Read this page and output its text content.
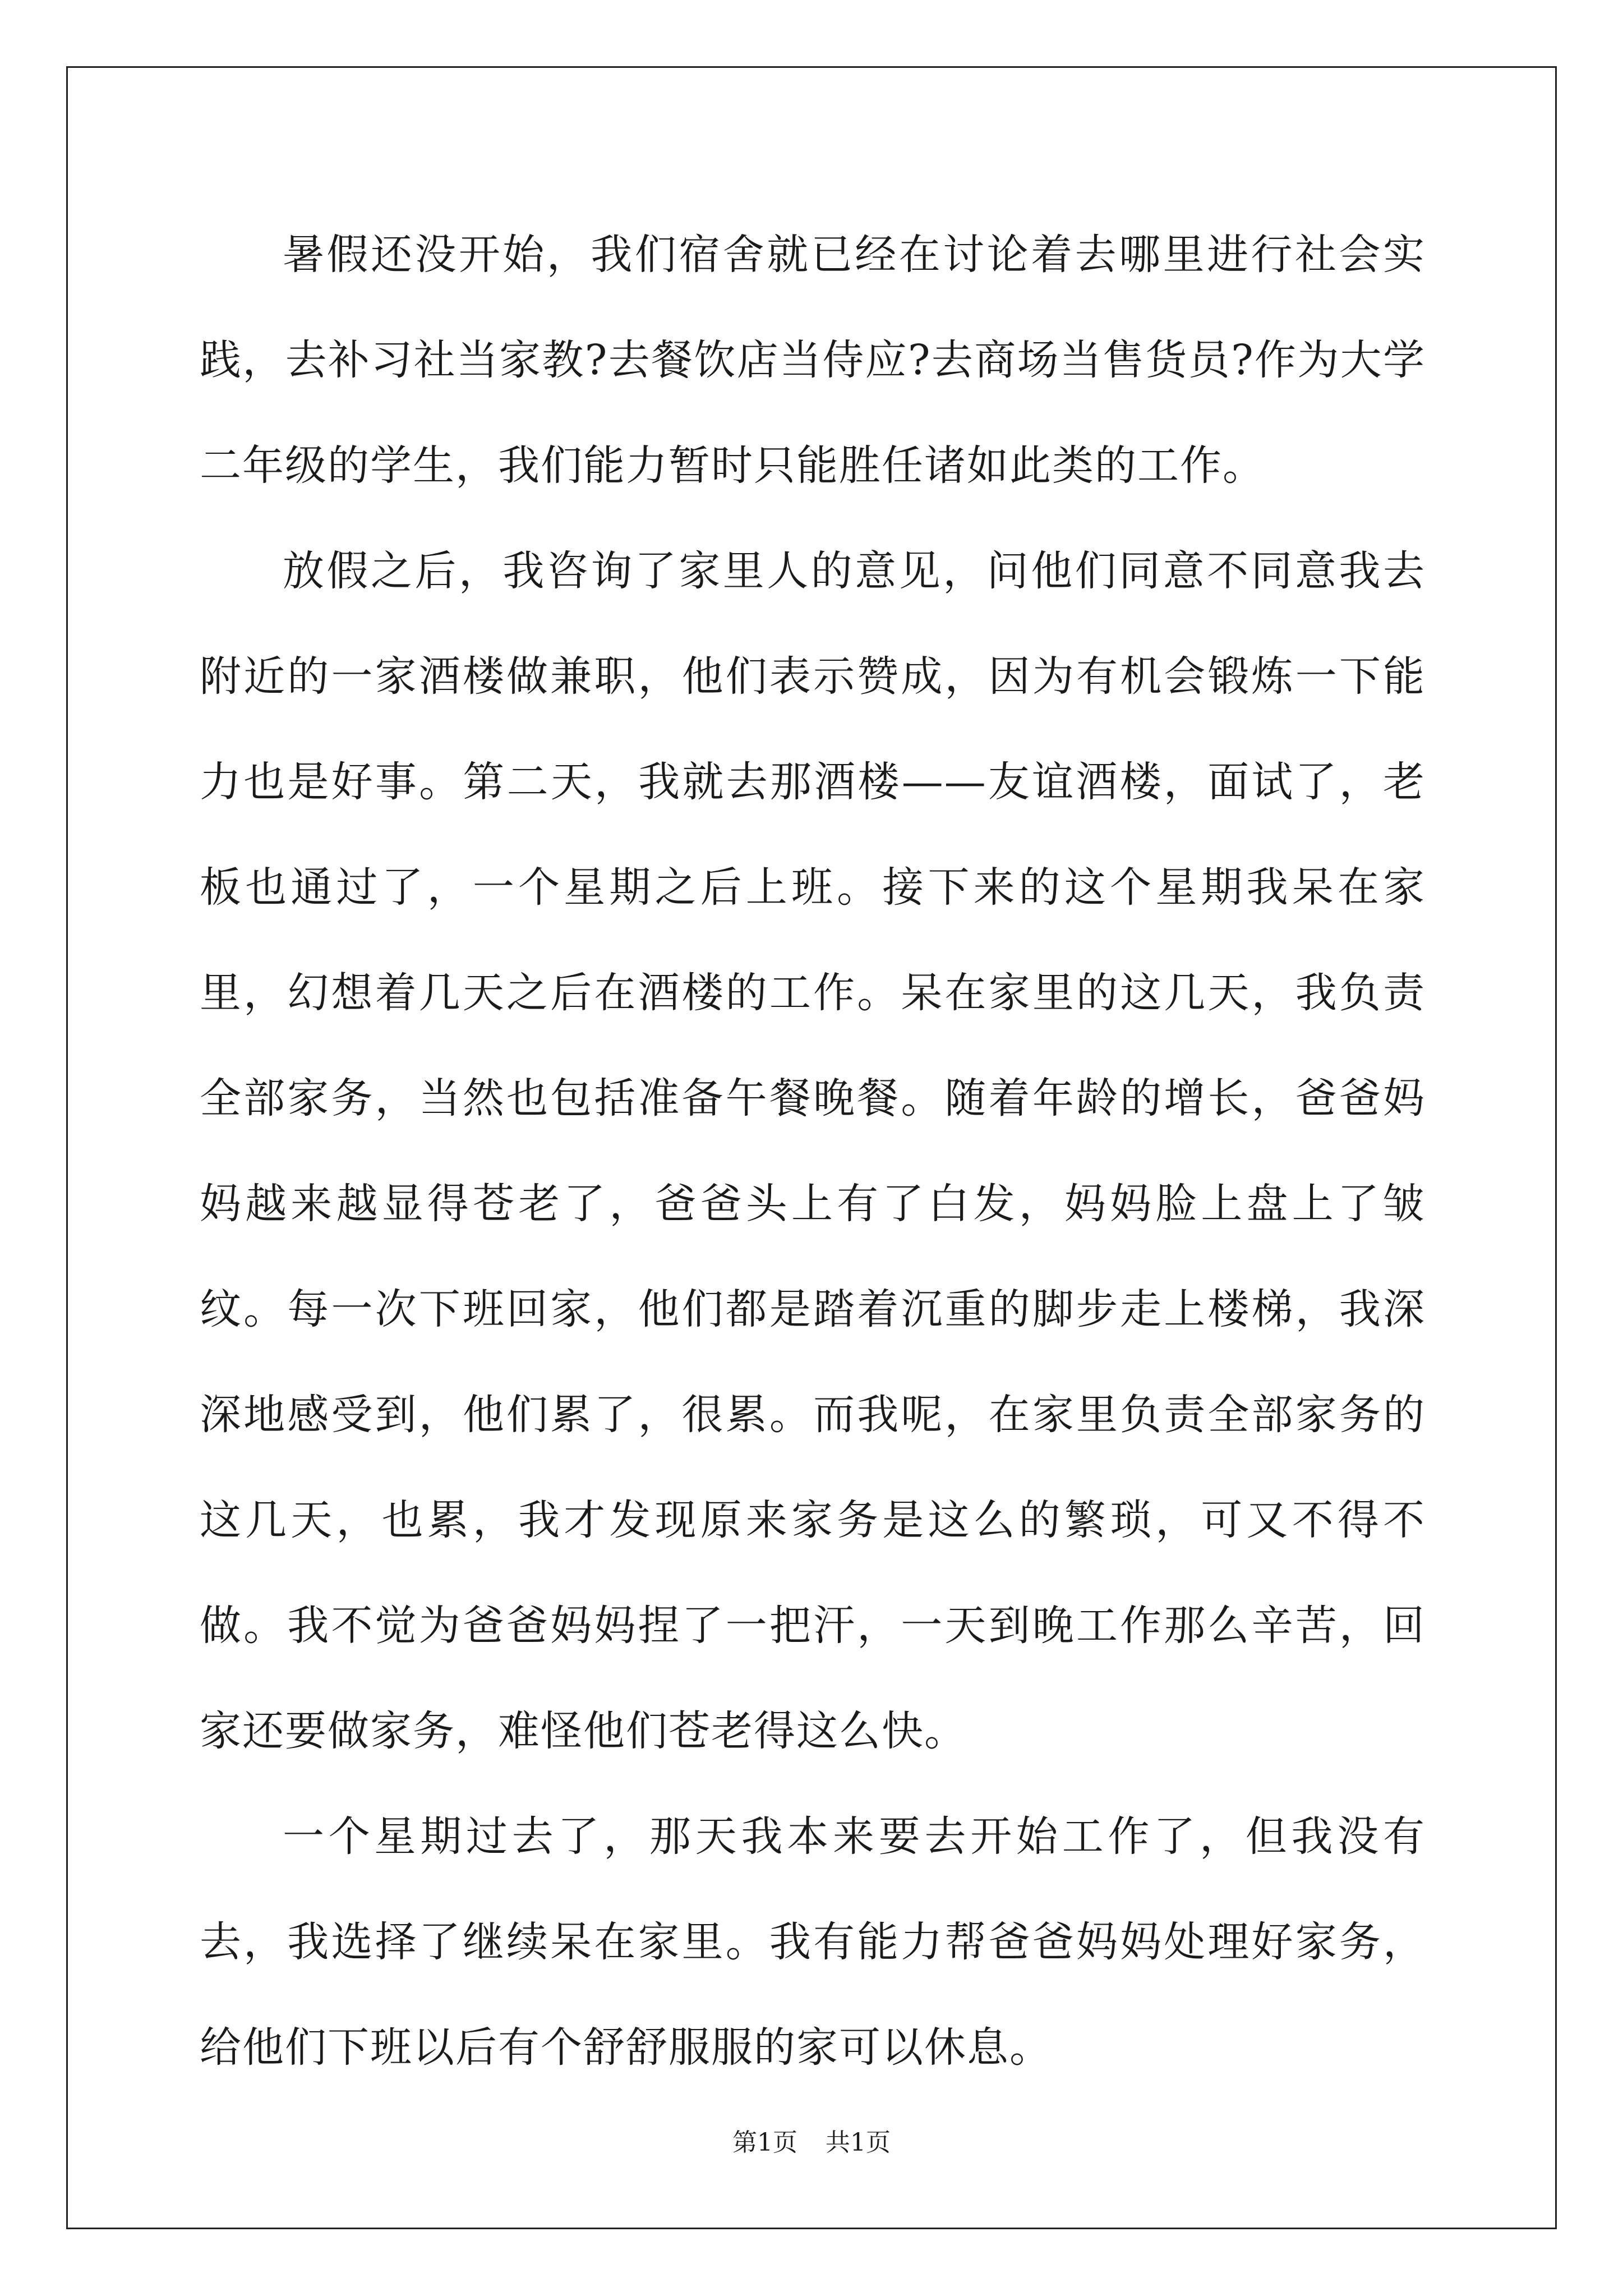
暑假还没开始，我们宿舍就已经在讨论着去哪里进行社会实践，去补习社当家教?去餐饮店当侍应?去商场当售货员?作为大学二年级的学生，我们能力暂时只能胜任诸如此类的工作。

放假之后，我咨询了家里人的意见，问他们同意不同意我去附近的一家酒楼做兼职，他们表示赞成，因为有机会锻炼一下能力也是好事。第二天，我就去那酒楼——友谊酒楼，面试了，老板也通过了，一个星期之后上班。接下来的这个星期我呆在家里，幻想着几天之后在酒楼的工作。呆在家里的这几天，我负责全部家务，当然也包括准备午餐晚餐。随着年龄的增长，爸爸妈妈越来越显得苍老了，爸爸头上有了白发，妈妈脸上盘上了皱纹。每一次下班回家，他们都是踏着沉重的脚步走上楼梯，我深深地感受到，他们累了，很累。而我呢，在家里负责全部家务的这几天，也累，我才发现原来家务是这么的繁琐，可又不得不做。我不觉为爸爸妈妈捏了一把汗，一天到晚工作那么辛苦，回家还要做家务，难怪他们苍老得这么快。

一个星期过去了，那天我本来要去开始工作了，但我没有去，我选择了继续呆在家里。我有能力帮爸爸妈妈处理好家务，给他们下班以后有个舒舒服服的家可以休息。

第1页 共1页
